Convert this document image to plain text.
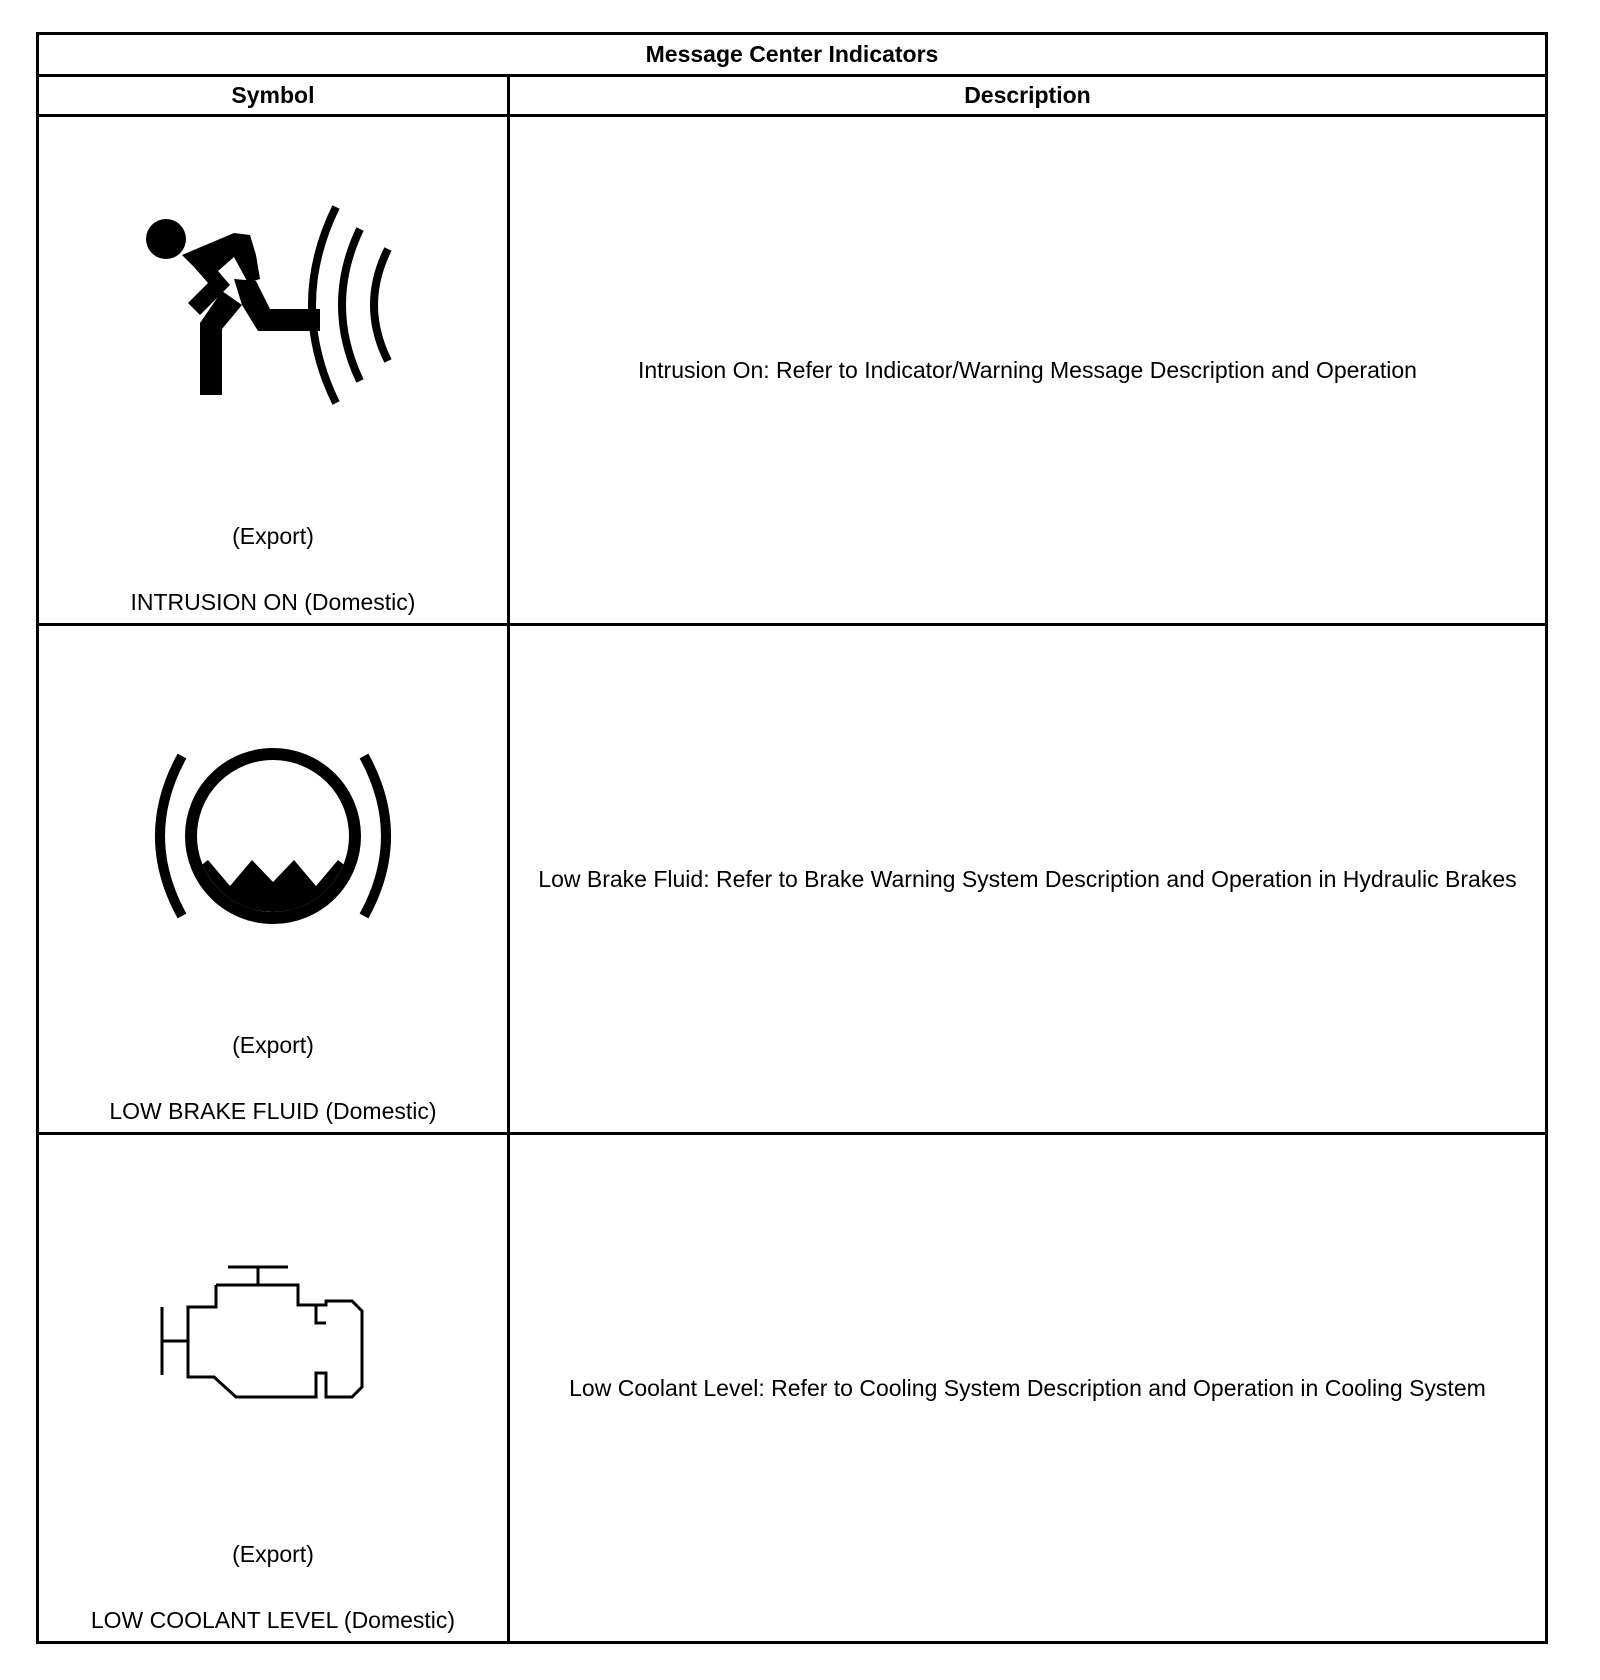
Message Center Indicators	
Symbol	Description

(Export)
INTRUSION ON (Domestic)	Intrusion On: Refer to Indicator/Warning Message Description and Operation

(Export)
LOW BRAKE FLUID (Domestic)	Low Brake Fluid: Refer to Brake Warning System Description and Operation in Hydraulic Brakes

(Export)
LOW COOLANT LEVEL (Domestic)	Low Coolant Level: Refer to Cooling System Description and Operation in Cooling System
